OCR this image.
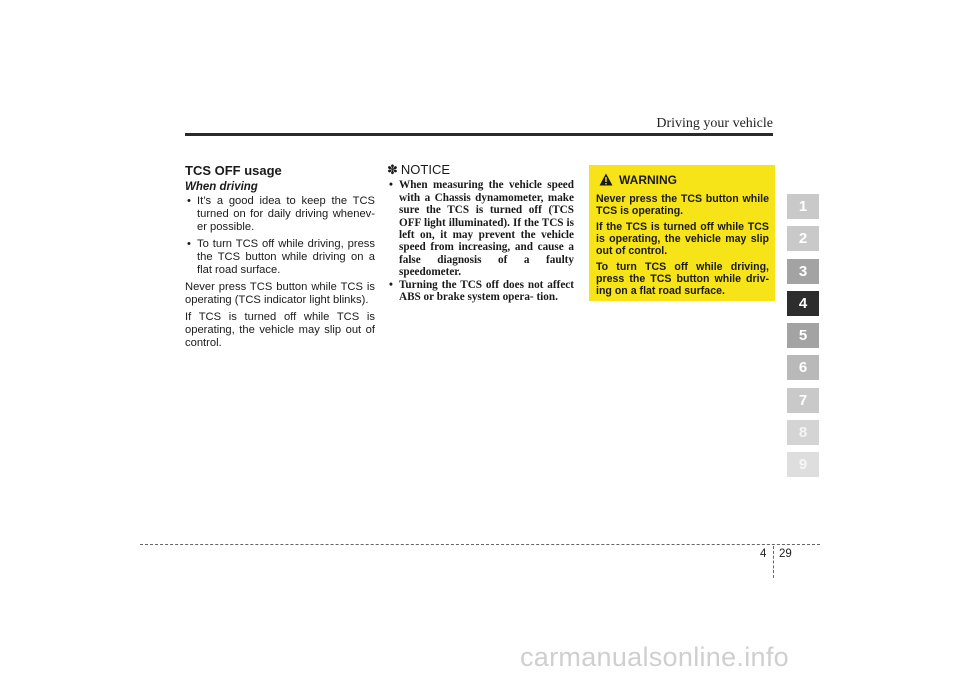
Driving your vehicle
TCS OFF usage
When driving
• It’s a good idea to keep the TCS turned on for daily driving whenev- er possible.
• To turn TCS off while driving, press the TCS button while driving on a flat road surface.
Never press TCS button while TCS is operating (TCS indicator light blinks).
If TCS is turned off while TCS is operating, the vehicle may slip out of control.
✽ NOTICE
• When measuring the vehicle speed with a Chassis dynamometer, make sure the TCS is turned off (TCS OFF light illuminated). If the TCS is left on, it may prevent the vehicle speed from increasing, and cause a false diagnosis of a faulty speedometer.
• Turning the TCS off does not affect ABS or brake system opera- tion.
WARNING
Never press the TCS button while TCS is operating.
If the TCS is turned off while TCS is operating, the vehicle may slip out of control.
To turn TCS off while driving, press the TCS button while driv- ing on a flat road surface.
1
2
3
4
5
6
7
8
9
4 29
carmanualsonline.info
